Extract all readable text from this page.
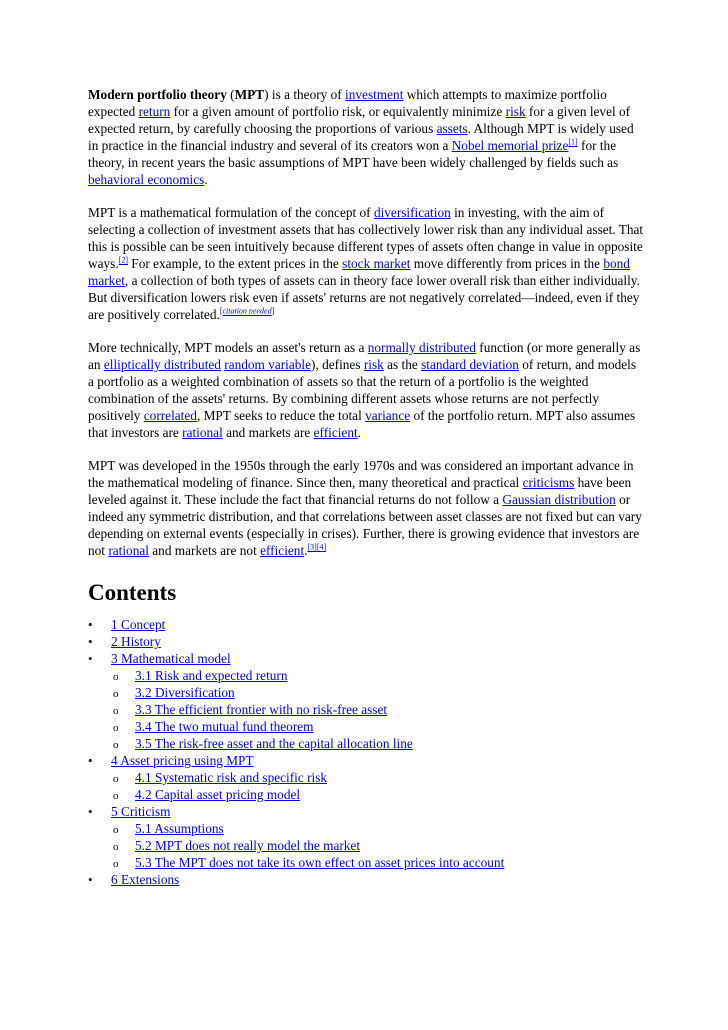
Modern portfolio theory (MPT) is a theory of investment which attempts to maximize portfolio expected return for a given amount of portfolio risk, or equivalently minimize risk for a given level of expected return, by carefully choosing the proportions of various assets. Although MPT is widely used in practice in the financial industry and several of its creators won a Nobel memorial prize[1] for the theory, in recent years the basic assumptions of MPT have been widely challenged by fields such as behavioral economics.

MPT is a mathematical formulation of the concept of diversification in investing, with the aim of selecting a collection of investment assets that has collectively lower risk than any individual asset. That this is possible can be seen intuitively because different types of assets often change in value in opposite ways.[2] For example, to the extent prices in the stock market move differently from prices in the bond market, a collection of both types of assets can in theory face lower overall risk than either individually. But diversification lowers risk even if assets' returns are not negatively correlated—indeed, even if they are positively correlated.[citation needed]

More technically, MPT models an asset's return as a normally distributed function (or more generally as an elliptically distributed random variable), defines risk as the standard deviation of return, and models a portfolio as a weighted combination of assets so that the return of a portfolio is the weighted combination of the assets' returns. By combining different assets whose returns are not perfectly positively correlated, MPT seeks to reduce the total variance of the portfolio return. MPT also assumes that investors are rational and markets are efficient.

MPT was developed in the 1950s through the early 1970s and was considered an important advance in the mathematical modeling of finance. Since then, many theoretical and practical criticisms have been leveled against it. These include the fact that financial returns do not follow a Gaussian distribution or indeed any symmetric distribution, and that correlations between asset classes are not fixed but can vary depending on external events (especially in crises). Further, there is growing evidence that investors are not rational and markets are not efficient.[3][4]

Contents
•
1 Concept
•
2 History
•
3 Mathematical model
o
3.1 Risk and expected return
o
3.2 Diversification
o
3.3 The efficient frontier with no risk-free asset
o
3.4 The two mutual fund theorem
o
3.5 The risk-free asset and the capital allocation line
•
4 Asset pricing using MPT
o
4.1 Systematic risk and specific risk
o
4.2 Capital asset pricing model
•
5 Criticism
o
5.1 Assumptions
o
5.2 MPT does not really model the market
o
5.3 The MPT does not take its own effect on asset prices into account
•
6 Extensions
